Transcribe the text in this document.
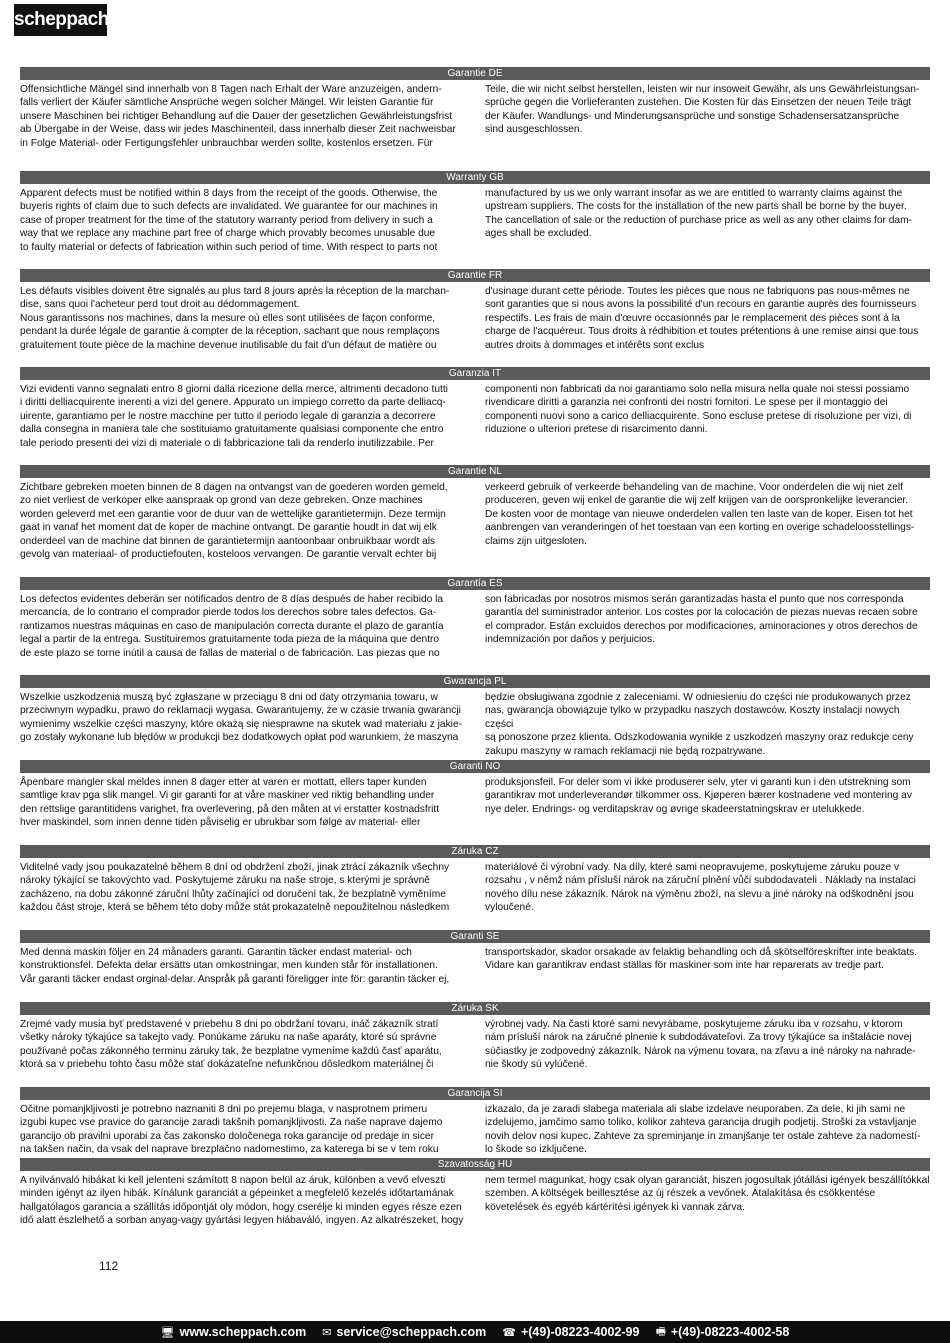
scheppach
Garantie DE

Offensichtliche Mängel sind innerhalb von 8 Tagen nach Erhalt der Ware anzuzeigen, andern-
falls verliert der Käufer sämtliche Ansprüche wegen solcher Mängel. Wir leisten Garantie für
unsere Maschinen bei richtiger Behandlung auf die Dauer der gesetzlichen Gewährleistungsfrist
ab Übergabe in der Weise, dass wir jedes Maschinenteil, dass innerhalb dieser Zeit nachweisbar
in Folge Material- oder Fertigungsfehler unbrauchbar werden sollte, kostenlos ersetzen. Für

Teile, die wir nicht selbst herstellen, leisten wir nur insoweit Gewähr, als uns Gewährleistungsan-
sprüche gegen die Vorlieferanten zustehen. Die Kosten für das Einsetzen der neuen Teile trägt
der Käufer. Wandlungs- und Minderungsansprüche und sonstige Schadensersatzansprüche
sind ausgeschlossen.

Warranty GB

Apparent defects must be notified within 8 days from the receipt of the goods. Otherwise, the
buyeris rights of claim due to such defects are invalidated. We guarantee for our machines in
case of proper treatment for the time of the statutory warranty period from delivery in such a
way that we replace any machine part free of charge which provably becomes unusable due
to faulty material or defects of fabrication within such period of time. With respect to parts not

manufactured by us we only warrant insofar as we are entitled to warranty claims against the
upstream suppliers. The costs for the installation of the new parts shall be borne by the buyer.
The cancellation of sale or the reduction of purchase price as well as any other claims for dam-
ages shall be excluded.

Garantie FR

Les défauts visibles doivent être signalés au plus tard 8 jours après la réception de la marchan-
dise, sans quoi l'acheteur perd tout droit au dédommagement.
Nous garantissons nos machines, dans la mesure où elles sont utilisées de façon conforme,
pendant la durée légale de garantie à compter de la réception, sachant que nous remplaçons
gratuitement toute pièce de la machine devenue inutilisable du fait d'un défaut de matière ou

d'usinage durant cette période. Toutes les pièces que nous ne fabriquons pas nous-mêmes ne
sont garanties que si nous avons la possibilité d'un recours en garantie auprès des fournisseurs
respectifs. Les frais de main d'œuvre occasionnés par le remplacement des pièces sont à la
charge de l'acquéreur. Tous droits à rédhibition et toutes prétentions à une remise ainsi que tous
autres droits à dommages et intérêts sont exclus

Garanzia IT

Vizi evidenti vanno segnalati entro 8 giorni dalla ricezione della merce, altrimenti decadono tutti
i diritti delliacquirente inerenti a vizi del genere. Appurato un impiego corretto da parte delliacq-
uirente, garantiamo per le nostre macchine per tutto il periodo legale di garanzia a decorrere
dalla consegna in maniera tale che sostituiamo gratuitamente qualsiasi componente che entro
tale periodo presenti dei vizi di materiale o di fabbricazione tali da renderlo inutilizzabile. Per

componenti non fabbricati da noi garantiamo solo nella misura nella quale noi stessi possiamo
rivendicare diritti a garanzia nei confronti dei nostri fornitori. Le spese per il montaggio dei
componenti nuovi sono a carico delliacquirente. Sono escluse pretese di risoluzione per vizi, di
riduzione o ulteriori pretese di risarcimento danni.

Garantie NL

Zichtbare gebreken moeten binnen de 8 dagen na ontvangst van de goederen worden gemeld,
zo niet verliest de verkoper elke aanspraak op grond van deze gebreken. Onze machines
worden geleverd met een garantie voor de duur van de wettelijke garantietermijn. Deze termijn
gaat in vanaf het moment dat de koper de machine ontvangt. De garantie houdt in dat wij elk
onderdeel van de machine dat binnen de garantietermijn aantoonbaar onbruikbaar wordt als
gevolg van materiaal- of productiefouten, kosteloos vervangen. De garantie vervalt echter bij

verkeerd gebruik of verkeerde behandeling van de machine. Voor onderdelen die wij niet zelf
produceren, geven wij enkel de garantie die wij zelf krijgen van de oorspronkelijke leverancier.
De kosten voor de montage van nieuwe onderdelen vallen ten laste van de koper. Eisen tot het
aanbrengen van veranderingen of het toestaan van een korting en overige schadeloosstellings-
claims zijn uitgesloten.

Garantía ES

Los defectos evidentes deberán ser notificados dentro de 8 días después de haber recibido la
mercancía, de lo contrario el comprador pierde todos los derechos sobre tales defectos. Ga-
rantizamos nuestras máquinas en caso de manipulación correcta durante el plazo de garantía
legal a partir de la entrega. Sustituiremos gratuitamente toda pieza de la máquina que dentro
de este plazo se torne inútil a causa de fallas de material o de fabricación. Las piezas que no

son fabricadas por nosotros mismos serán garantizadas hasta el punto que nos corresponda
garantía del suministrador anterior. Los costes por la colocación de piezas nuevas recaen sobre
el comprador. Están excluidos derechos por modificaciones, aminoraciones y otros derechos de
indemnización por daños y perjuicios.

Gwarancja PL

Wszelkie uszkodzenia muszą być zgłaszane w przeciągu 8 dni od daty otrzymania towaru, w
przeciwnym wypadku, prawo do reklamacji wygasa. Gwarantujemy, że w czasie trwania gwarancji
wymienimy wszelkie części maszyny, które okażą się niesprawne na skutek wad materiału z jakie-
go zostały wykonane lub błędów w produkcji bez dodatkowych opłat pod warunkiem, że maszyna

będzie obsługiwana zgodnie z zaleceniami. W odniesieniu do części nie produkowanych przez
nas, gwarancja obowiązuje tylko w przypadku naszych dostawców. Koszty instalacji nowych części
są ponoszone przez klienta. Odszkodowania wynikłe z uszkodzeń maszyny oraz redukcje ceny
zakupu maszyny w ramach reklamacji nie będą rozpatrywane.

Garanti NO

Åpenbare mangler skal meldes innen 8 dager etter at varen er mottatt, ellers taper kunden
samtlige krav pga slik mangel. Vi gir garanti for at våre maskiner ved riktig behandling under
den rettslige garantitidens varighet, fra overlevering, på den måten at vi erstatter kostnadsfritt
hver maskindel, som innen denne tiden påviselig er ubrukbar som følge av material- eller

produksjonsfeil. For deler som vi ikke produserer selv, yter vi garanti kun i den utstrekning som
garantikrav mot underleverandør tilkommer oss. Kjøperen bærer kostnadene ved montering av
nye deler. Endrings- og verditapskrav og øvrige skadeerstatningskrav er utelukkede.

Záruka CZ

Viditelné vady jsou poukazatelné během 8 dní od obdržení zboží, jinak ztrácí zákazník všechny
nároky týkající se takovýchto vad. Poskytujeme záruku na naše stroje, s kterými je správně
zacházeno, na dobu zákonné záruční lhůty začínající od doručení tak, že bezplatně vyměníme
každou část stroje, která se během této doby může stát prokazatelně nepoužitelnou následkem

materiálové či výrobní vady. Na díly, které sami neopravujeme, poskytujeme záruku pouze v
rozsahu , v němž nám přísluší nárok na záruční plnění vůči subdodavateli . Náklady na instalaci
nového dílu nese zákazník. Nárok na výměnu zboží, na slevu a jiné nároky na odškodnění jsou
vyloučené.

Garanti SE

Med denna maskin följer en 24 månaders garanti. Garantin täcker endast material- och
konstruktionsfel. Defekta delar ersätts utan omkostningar, men kunden står för installationen.
Vår garanti täcker endast orginal-delar. Anspråk på garanti föreligger inte för: garantin täcker ej,

transportskador, skador orsakade av felaktig behandling och då skötselföreskrifter inte beaktats.
Vidare kan garantikrav endast ställas för maskiner som inte har reparerats av tredje part.

Záruka SK

Zrejmé vady musia byť predstavené v priebehu 8 dni po obdržaní tovaru, ináč zákazník stratí
všetky nároky týkajúce sa takejto vady. Ponúkame záruku na naše aparáty, ktoré sú správne
používané počas zákonného terminu záruky tak, že bezplatne vymeníme každú časť aparátu,
ktorá sa v priebehu tohto času môže stať dokázateľne nefunkčnou dôsledkom materiálnej či

výrobnej vady. Na časti ktoré sami nevyrábame, poskytujeme záruku iba v rozsahu, v ktorom
nám prísluší nárok na záručné plnenie k subdodávateľovi. Za trovy týkajúce sa inštalácie novej
súčiastky je zodpovedný zákazník. Nárok na výmenu tovara, na zľavu a iné nároky na nahrade-
nie škody sú vylúčené.

Garancija SI

Očitne pomanjkljivosti je potrebno naznaniti 8 dni po prejemu blaga, v nasprotnem primeru
izgubi kupec vse pravice do garancije zaradi takšnih pomanjkljivosti. Za naše naprave dajemo
garancijo ob pravilni uporabi za čas zakonsko določenega roka garancije od predaje in sicer
na takšen način, da vsak del naprave brezplačno nadomestimo, za katerega bi se v tem roku

izkazalo, da je zaradi slabega materiala ali slabe izdelave neuporaben. Za dele, ki jih sami ne
izdelujemo, jamčimo samo toliko, kolikor zahteva garancija drugih podjetij. Stroški za vstavljanje
novih delov nosi kupec. Zahteve za spreminjanje in zmanjšanje ter ostale zahteve za nadomestí-
lo škode so izključene.

Szavatosság HU

A nyilvánvaló hibákat ki kell jelenteni számított 8 napon belül az áruk, különben a vevő elveszti
minden igényt az ilyen hibák. Kínálunk garanciát a gépeinket a megfelelő kezelés időtartamának
hallgatólagos garancia a szállítás időpontját oly módon, hogy cserélje ki minden egyes része ezen
idő alatt észlelhető a sorban anyag-vagy gyártási legyen hiábaváló, ingyen. Az alkatrészeket, hogy

nem termel magunkat, hogy csak olyan garanciát, hiszen jogosultak jótállási igények beszállítókkal
szemben. A költségek beillesztése az új részek a vevőnek. Átalakítása és csökkentése
követelések és egyéb kártérítési igények ki vannak zárva.

112
🖥 www.scheppach.com ✉ service@scheppach.com ☎ +(49)-08223-4002-99 🖷 +(49)-08223-4002-58
